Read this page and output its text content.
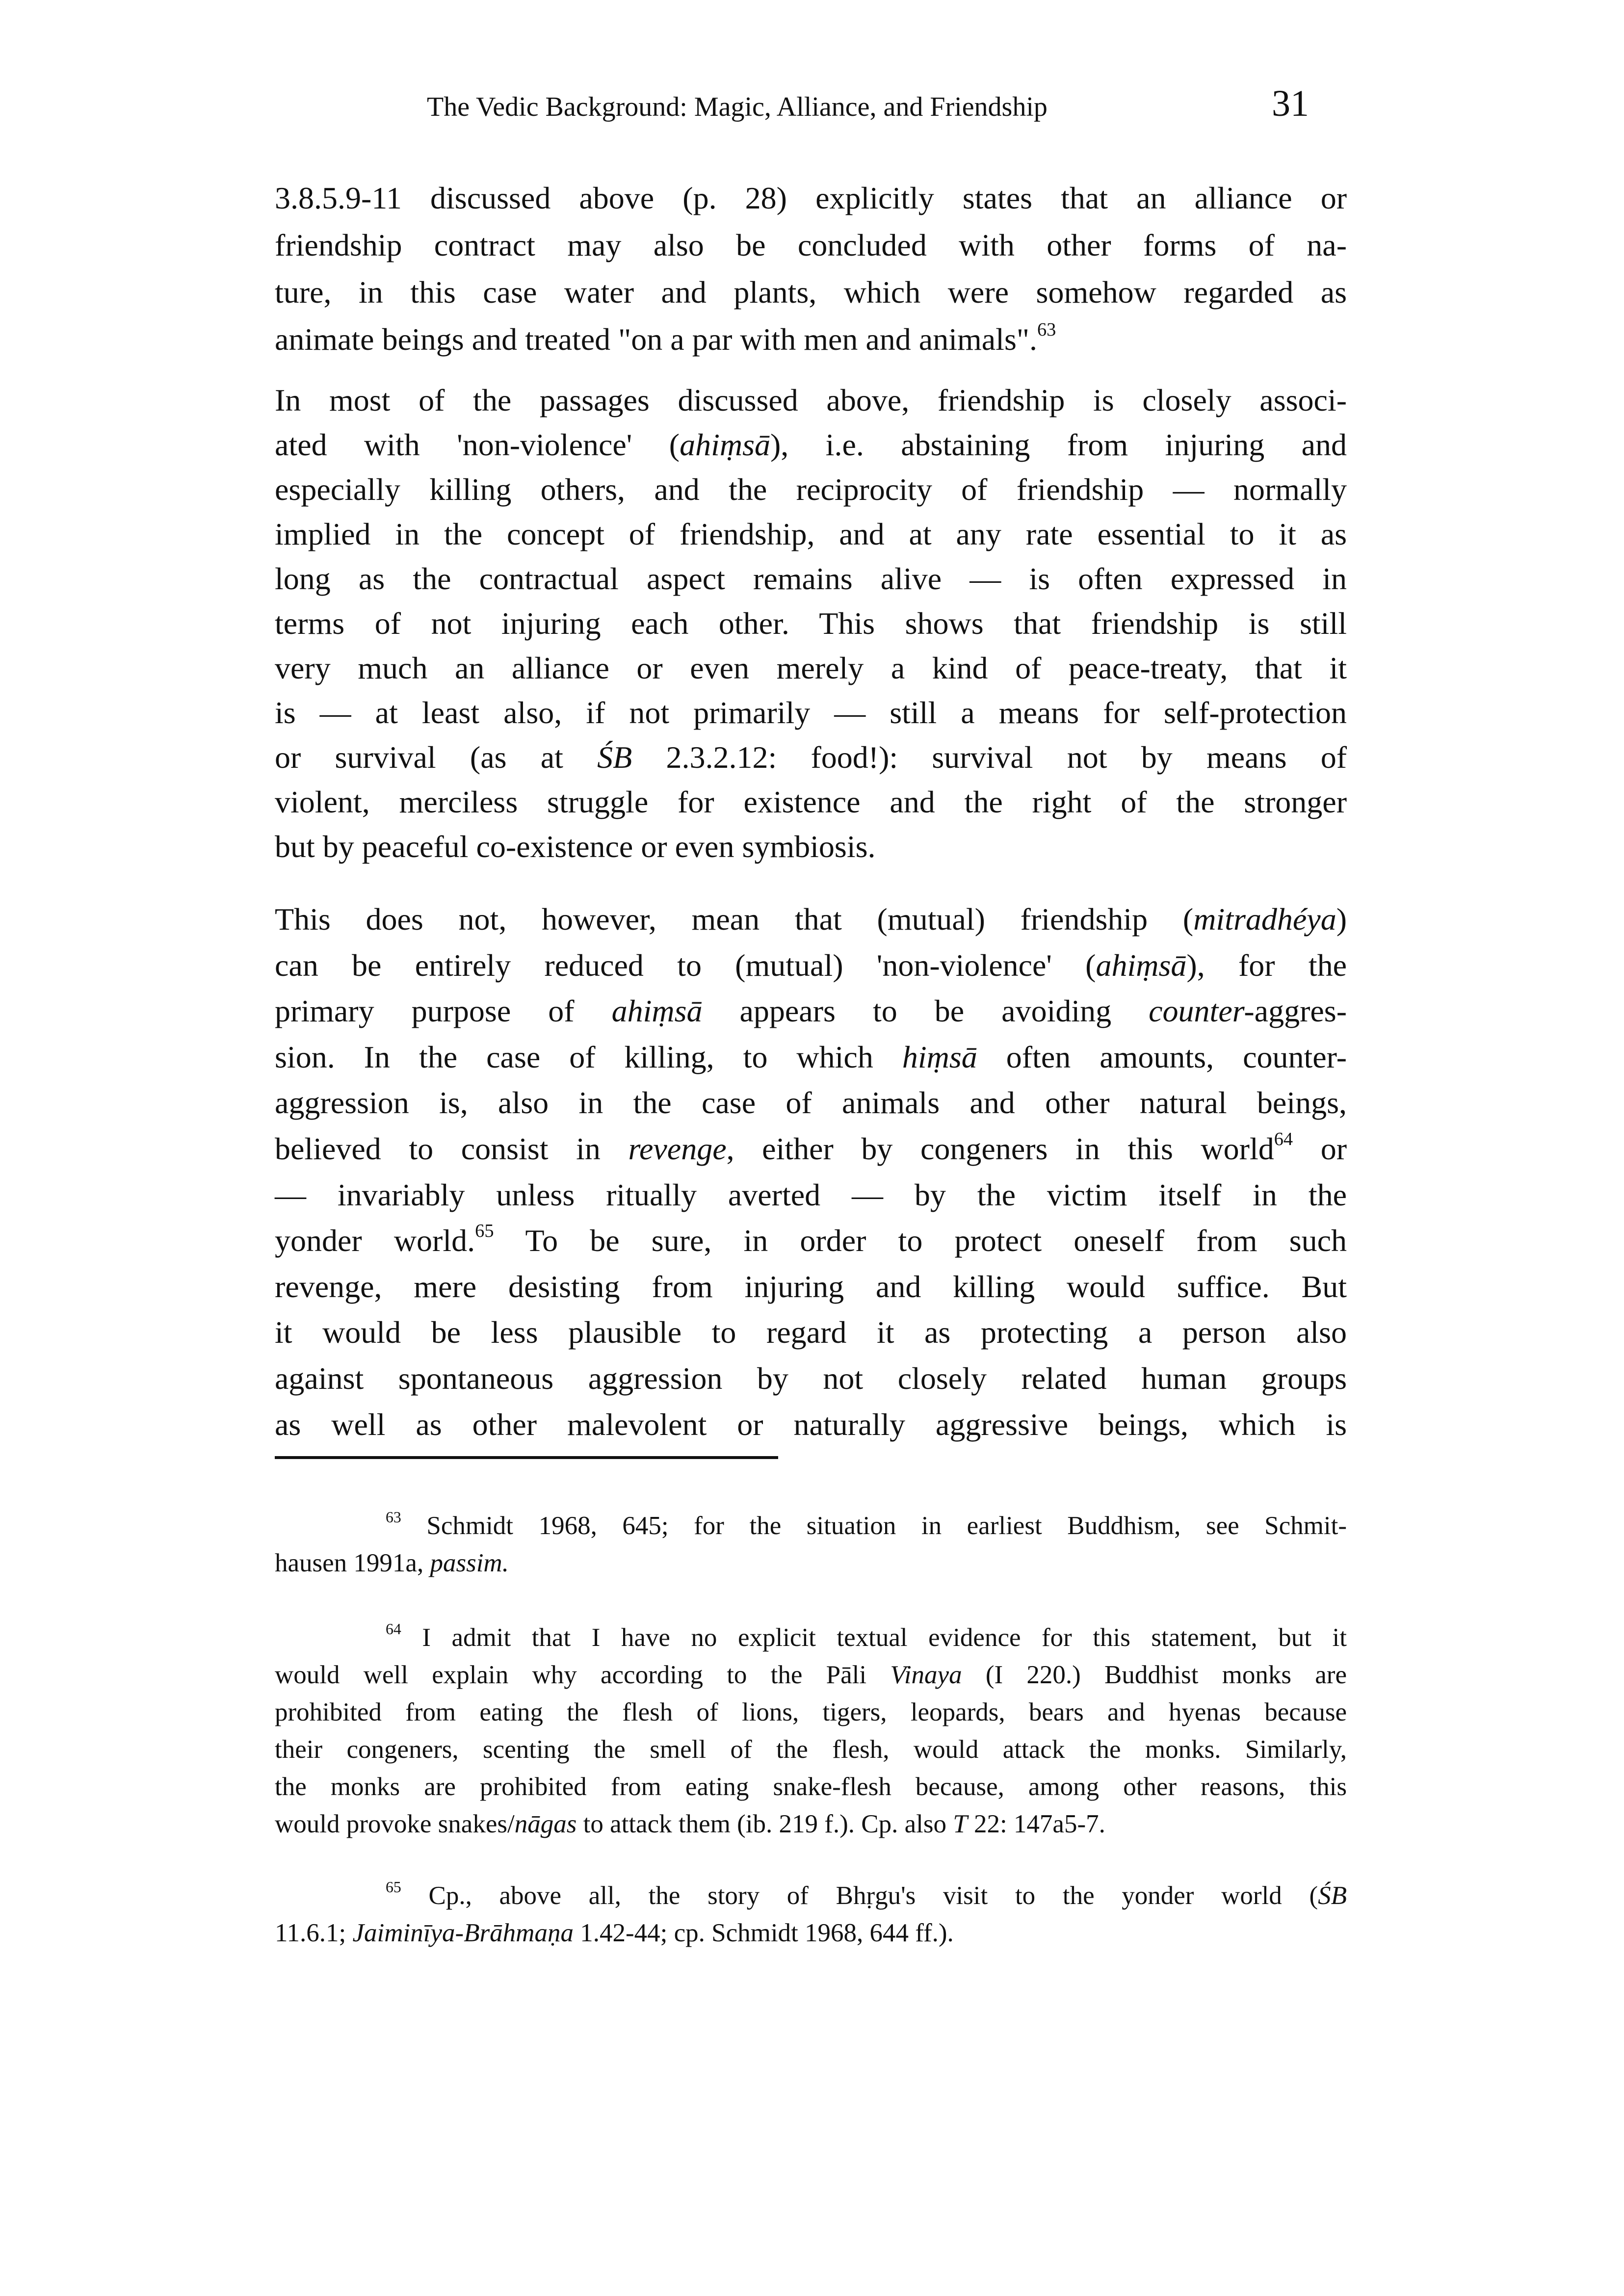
The Vedic Background: Magic, Alliance, and Friendship	31
3.8.5.9-11 discussed above (p. 28) explicitly states that an alliance or
friendship contract may also be concluded with other forms of na-
ture, in this case water and plants, which were somehow regarded as
animate beings and treated "on a par with men and animals".$^{63}$
In most of the passages discussed above, friendship is closely associ-
ated with 'non-violence' (ahiṃsā), i.e. abstaining from injuring and
especially killing others, and the reciprocity of friendship — normally
implied in the concept of friendship, and at any rate essential to it as
long as the contractual aspect remains alive — is often expressed in
terms of not injuring each other. This shows that friendship is still
very much an alliance or even merely a kind of peace-treaty, that it
is — at least also, if not primarily — still a means for self-protection
or survival (as at ŚB 2.3.2.12: food!): survival not by means of
violent, merciless struggle for existence and the right of the stronger
but by peaceful co-existence or even symbiosis.
This does not, however, mean that (mutual) friendship (mitradhéya)
can be entirely reduced to (mutual) 'non-violence' (ahiṃsā), for the
primary purpose of ahiṃsā appears to be avoiding counter-aggres-
sion. In the case of killing, to which hiṃsā often amounts, counter-
aggression is, also in the case of animals and other natural beings,
believed to consist in revenge, either by congeners in this world$^{64}$ or
— invariably unless ritually averted — by the victim itself in the
yonder world.$^{65}$ To be sure, in order to protect oneself from such
revenge, mere desisting from injuring and killing would suffice. But
it would be less plausible to regard it as protecting a person also
against spontaneous aggression by not closely related human groups
as well as other malevolent or naturally aggressive beings, which is
$^{63}$ Schmidt 1968, 645; for the situation in earliest Buddhism, see Schmit-
hausen 1991a, passim.
$^{64}$ I admit that I have no explicit textual evidence for this statement, but it
would well explain why according to the Pāli Vinaya (I 220.) Buddhist monks are
prohibited from eating the flesh of lions, tigers, leopards, bears and hyenas because
their congeners, scenting the smell of the flesh, would attack the monks. Similarly,
the monks are prohibited from eating snake-flesh because, among other reasons, this
would provoke snakes/nāgas to attack them (ib. 219 f.). Cp. also T 22: 147a5-7.
$^{65}$ Cp., above all, the story of Bhṛgu's visit to the yonder world (ŚB
11.6.1; Jaiminīya-Brāhmaṇa 1.42-44; cp. Schmidt 1968, 644 ff.).
